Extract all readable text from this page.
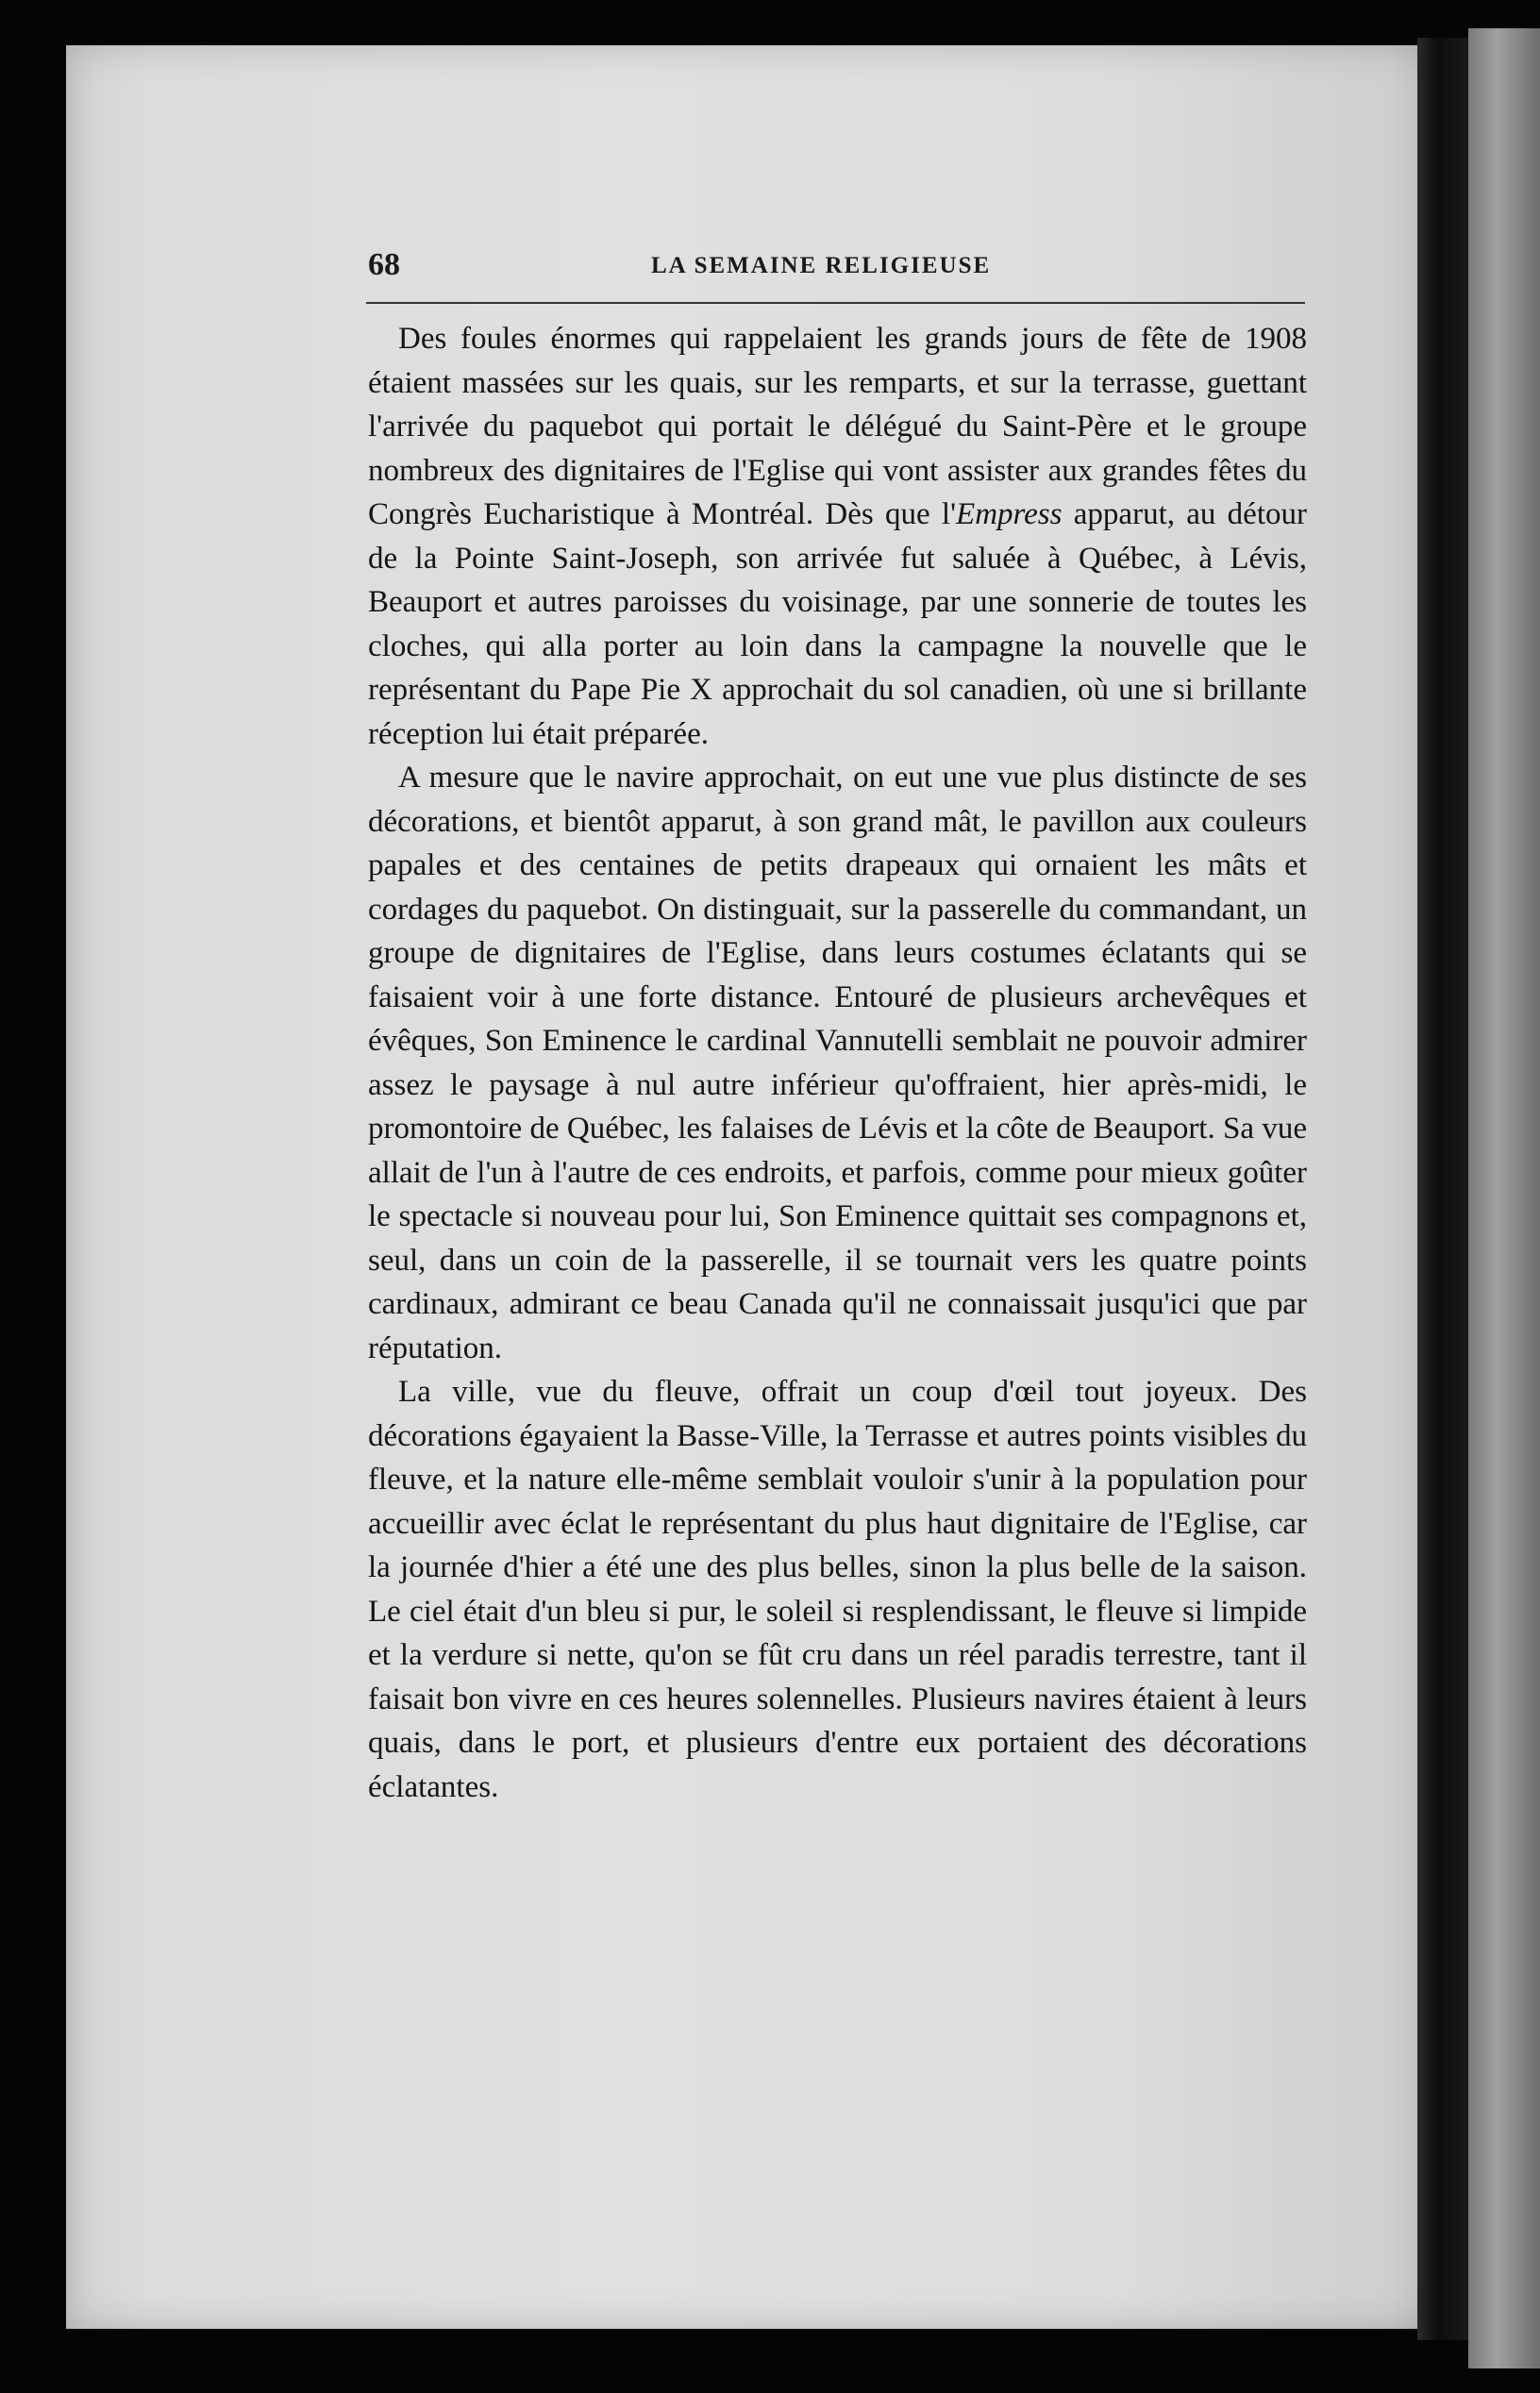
68	LA SEMAINE RELIGIEUSE

Des foules énormes qui rappelaient les grands jours de fête de 1908 étaient massées sur les quais, sur les remparts, et sur la terrasse, guettant l'arrivée du paquebot qui portait le délégué du Saint-Père et le groupe nombreux des dignitaires de l'Eglise qui vont assister aux grandes fêtes du Congrès Eucharistique à Montréal. Dès que l'Empress apparut, au détour de la Pointe Saint-Joseph, son arrivée fut saluée à Québec, à Lévis, Beauport et autres paroisses du voisinage, par une sonnerie de toutes les cloches, qui alla porter au loin dans la campagne la nouvelle que le représentant du Pape Pie X approchait du sol canadien, où une si brillante réception lui était préparée.

A mesure que le navire approchait, on eut une vue plus distincte de ses décorations, et bientôt apparut, à son grand mât, le pavillon aux couleurs papales et des centaines de petits drapeaux qui ornaient les mâts et cordages du paquebot. On distinguait, sur la passerelle du commandant, un groupe de dignitaires de l'Eglise, dans leurs costumes éclatants qui se faisaient voir à une forte distance. Entouré de plusieurs archevêques et évêques, Son Eminence le cardinal Vannutelli semblait ne pouvoir admirer assez le paysage à nul autre inférieur qu'offraient, hier après-midi, le promontoire de Québec, les falaises de Lévis et la côte de Beauport. Sa vue allait de l'un à l'autre de ces endroits, et parfois, comme pour mieux goûter le spectacle si nouveau pour lui, Son Eminence quittait ses compagnons et, seul, dans un coin de la passerelle, il se tournait vers les quatre points cardinaux, admirant ce beau Canada qu'il ne connaissait jusqu'ici que par réputation.

La ville, vue du fleuve, offrait un coup d'œil tout joyeux. Des décorations égayaient la Basse-Ville, la Terrasse et autres points visibles du fleuve, et la nature elle-même semblait vouloir s'unir à la population pour accueillir avec éclat le représentant du plus haut dignitaire de l'Eglise, car la journée d'hier a été une des plus belles, sinon la plus belle de la saison. Le ciel était d'un bleu si pur, le soleil si resplendissant, le fleuve si limpide et la verdure si nette, qu'on se fût cru dans un réel paradis terrestre, tant il faisait bon vivre en ces heures solennelles. Plusieurs navires étaient à leurs quais, dans le port, et plusieurs d'entre eux portaient des décorations éclatantes.
